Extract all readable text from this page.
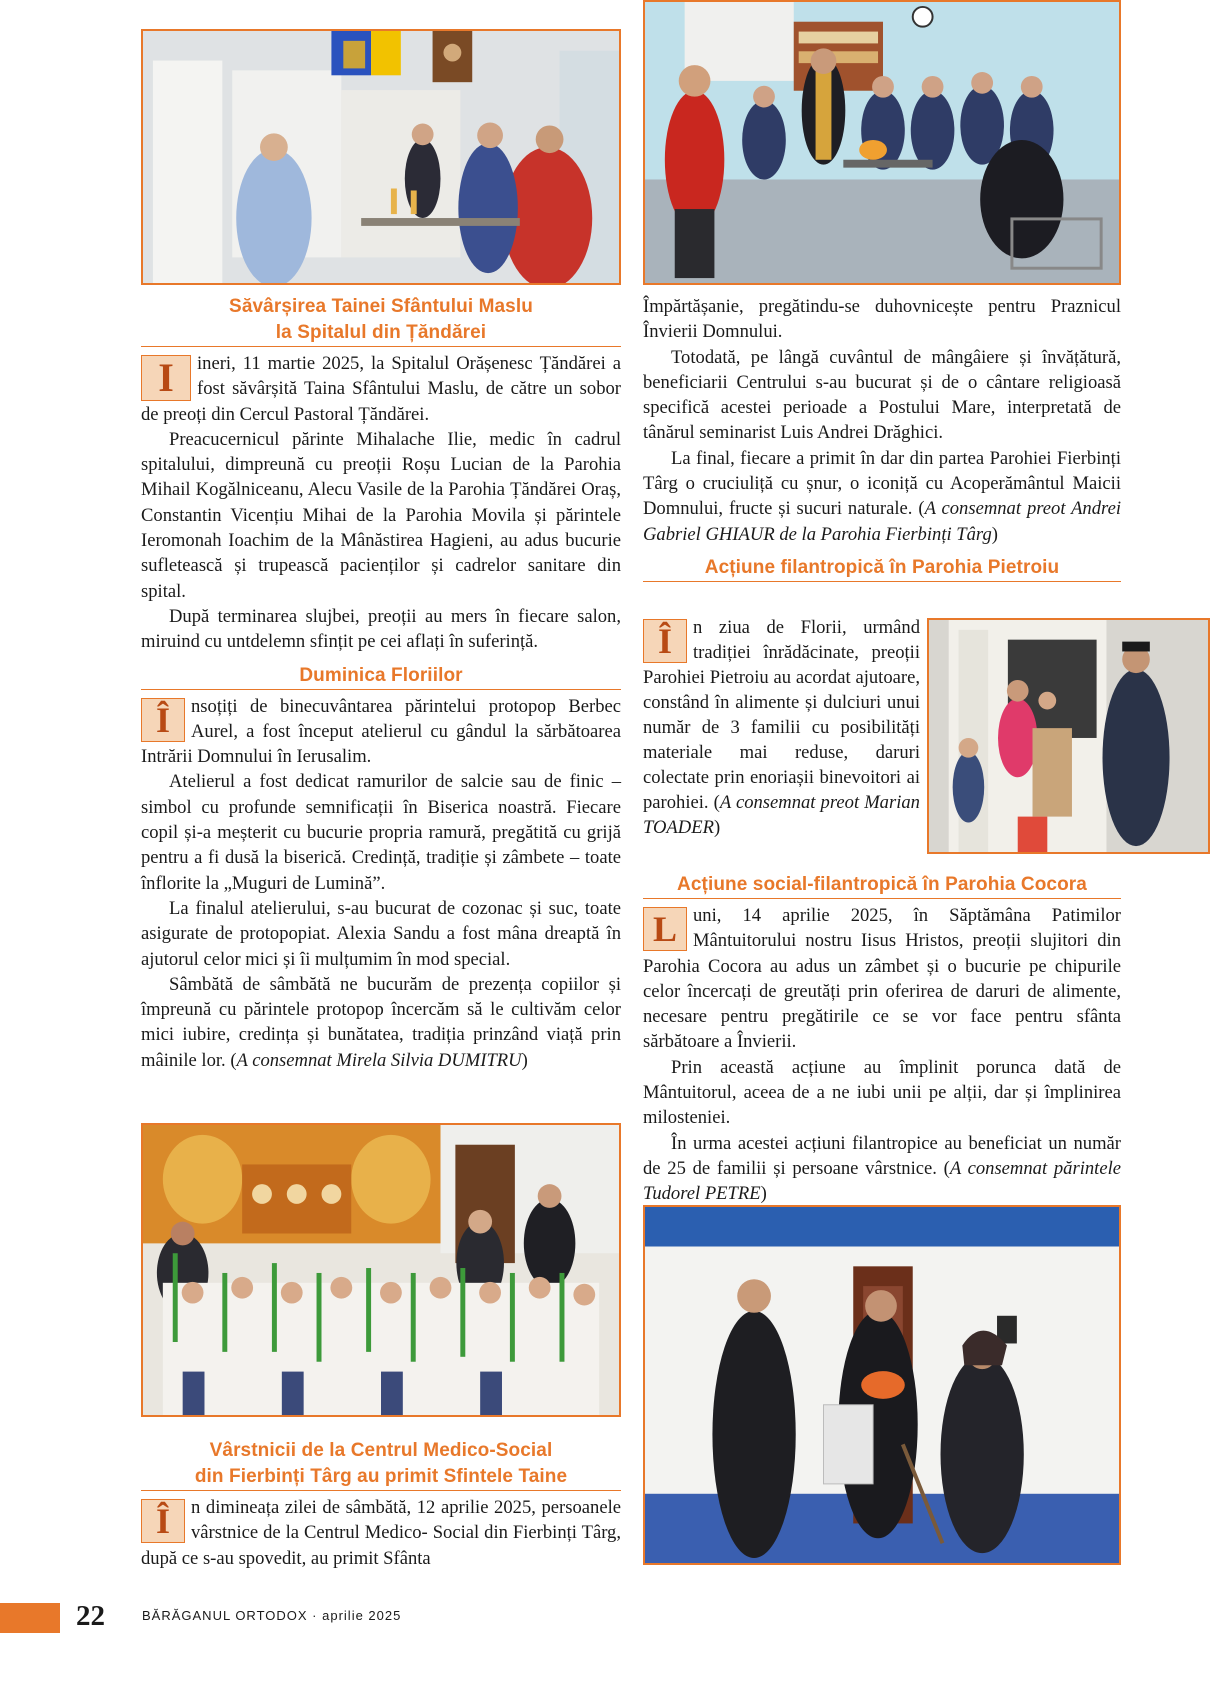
Săvârșirea Tainei Sfântului Maslu
la Spitalul din Țăndărei

I	ineri, 11 martie 2025, la Spitalul Orășenesc Țăndărei a fost săvârșită Taina Sfântului Maslu, de către un sobor de preoți din Cercul Pastoral Țăndărei.

Preacucernicul părinte Mihalache Ilie, medic în cadrul spitalului, dimpreună cu preoții Roșu Lucian de la Parohia Mihail Kogălniceanu, Alecu Vasile de la Parohia Țăndărei Oraș, Constantin Vicențiu Mihai de la Parohia Movila și părintele Ieromonah Ioachim de la Mânăstirea Hagieni, au adus bucurie sufletească și trupească pacienților și cadrelor sanitare din spital.

După terminarea slujbei, preoții au mers în fiecare salon, miruind cu untdelemn sfințit pe cei aflați în suferință.

Duminica Floriilor

Î	nsoțiți de binecuvântarea părintelui protopop Berbec Aurel, a fost început atelierul cu gândul la sărbătoarea Intrării Domnului în Ierusalim.

Atelierul a fost dedicat ramurilor de salcie sau de finic – simbol cu profunde semnificații în Biserica noastră. Fiecare copil și-a meșterit cu bucurie propria ramură, pregătită cu grijă pentru a fi dusă la biserică. Credință, tradiție și zâmbete – toate înflorite la „Muguri de Lumină”.

La finalul atelierului, s-au bucurat de cozonac și suc, toate asigurate de protopopiat. Alexia Sandu a fost mâna dreaptă în ajutorul celor mici și îi mulțumim în mod special.

Sâmbătă de sâmbătă ne bucurăm de prezența copiilor și împreună cu părintele protopop încercăm să le cultivăm celor mici iubire, credința și bunătatea, tradiția prinzând viață prin mâinile lor. (A consemnat Mirela Silvia DUMITRU)

Vârstnicii de la Centrul Medico-Social
din Fierbinți Târg au primit Sfintele Taine

Î	n dimineața zilei de sâmbătă, 12 aprilie 2025, persoanele vârstnice de la Centrul Medico- Social din Fierbinți Târg, după ce s-au spovedit, au primit Sfânta

Împărtășanie, pregătindu-se duhovnicește pentru Praznicul Învierii Domnului.

Totodată, pe lângă cuvântul de mângâiere și învățătură, beneficiarii Centrului s-au bucurat și de o cântare religioasă specifică acestei perioade a Postului Mare, interpretată de tânărul seminarist Luis Andrei Drăghici.

La final, fiecare a primit în dar din partea Parohiei Fierbinți Târg o cruciuliță cu șnur, o iconiță cu Acoperământul Maicii Domnului, fructe și sucuri naturale. (A consemnat preot Andrei Gabriel GHIAUR de la Parohia Fierbinți Târg)

Acțiune filantropică în Parohia Pietroiu

Î	n ziua de Florii, urmând tradiției înrădăcinate, preoții Parohiei Pietroiu au acordat ajutoare, constând în alimente și dulciuri unui număr de 3 familii cu posibilități materiale mai reduse, daruri colectate prin enoriașii binevoitori ai parohiei. (A consemnat preot Marian TOADER)

Acțiune social-filantropică în Parohia Cocora

L uni, 14 aprilie 2025, în Săptămâna Patimilor Mântuitorului nostru Iisus Hristos, preoții slujitori din Parohia Cocora au adus un zâmbet și o bucurie pe chipurile celor încercați de greutăți prin oferirea de daruri de alimente, necesare pentru pregătirile ce se vor face pentru sfânta sărbătoare a Învierii.

Prin această acțiune au împlinit porunca dată de Mântuitorul, aceea de a ne iubi unii pe alții, dar și împlinirea milosteniei.

În urma acestei acțiuni filantropice au beneficiat un număr de 25 de familii și persoane vârstnice. (A consemnat părintele Tudorel PETRE)

22	BĂRĂGANUL ORTODOX · aprilie 2025
